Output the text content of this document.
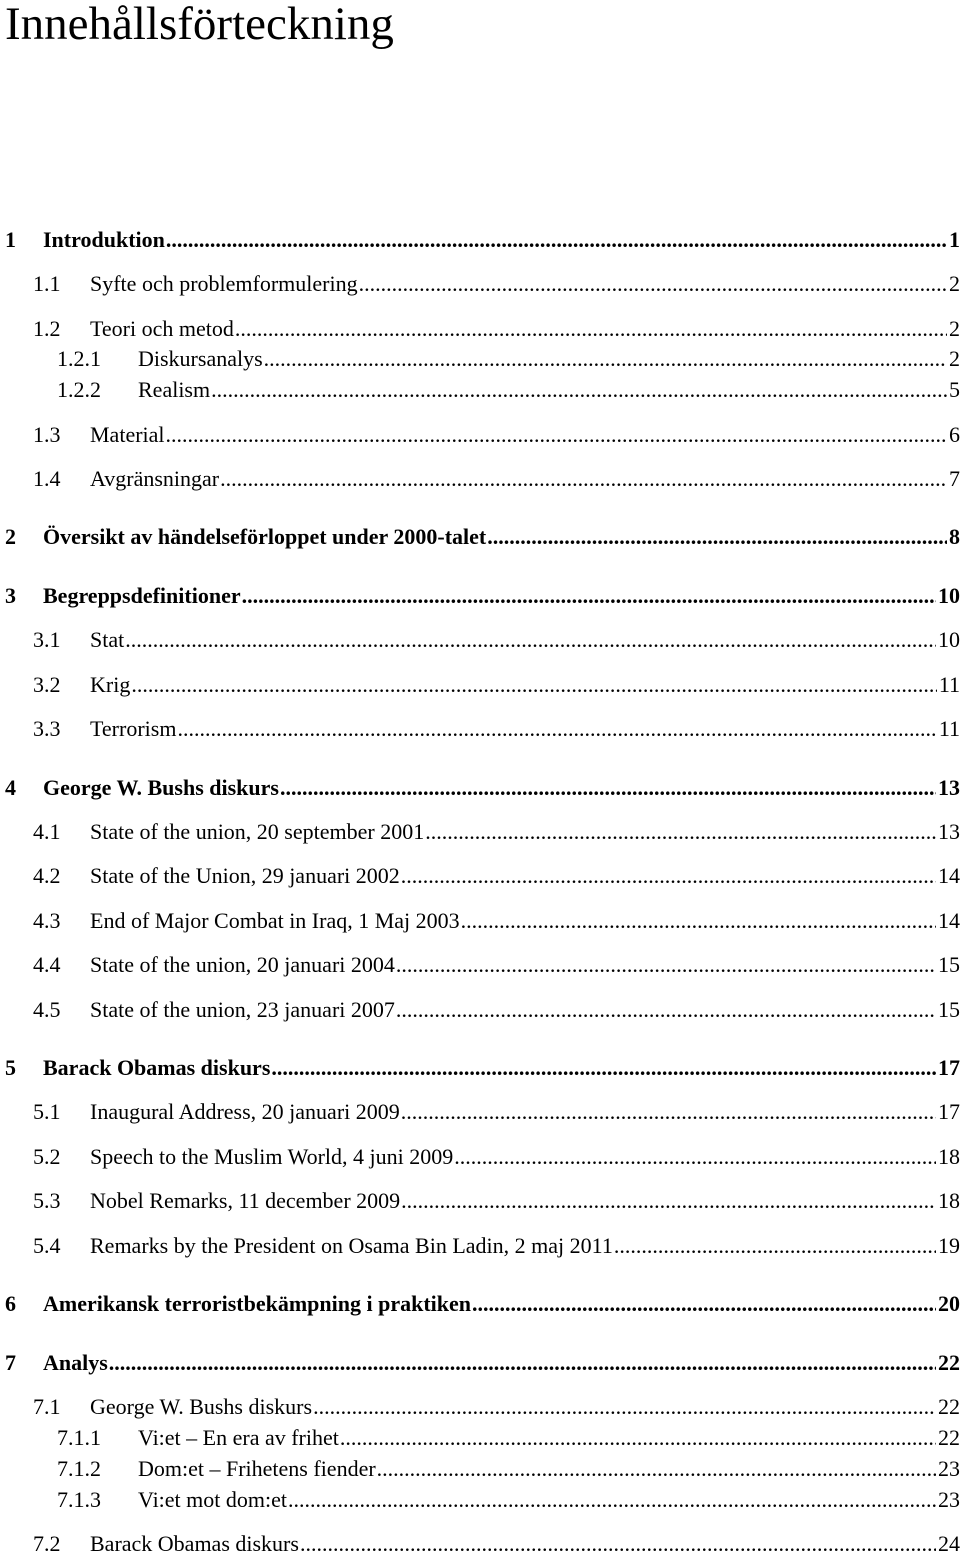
Innehållsförteckning
1	Introduktion .....	1
1.1	Syfte och problemformulering .....	2
1.2	Teori och metod .....	2
1.2.1	Diskursanalys .....	2
1.2.2	Realism .....	5
1.3	Material .....	6
1.4	Avgränsningar .....	7
2	Översikt av händelseförloppet under 2000-talet .....	8
3	Begreppsdefinitioner .....	10
3.1	Stat .....	10
3.2	Krig .....	11
3.3	Terrorism .....	11
4	George W. Bushs diskurs .....	13
4.1	State of the union, 20 september 2001 .....	13
4.2	State of the Union, 29 januari 2002 .....	14
4.3	End of Major Combat in Iraq, 1 Maj 2003 .....	14
4.4	State of the union, 20 januari 2004 .....	15
4.5	State of the union, 23 januari 2007 .....	15
5	Barack Obamas diskurs .....	17
5.1	Inaugural Address, 20 januari 2009 .....	17
5.2	Speech to the Muslim World, 4 juni 2009 .....	18
5.3	Nobel Remarks, 11 december 2009 .....	18
5.4	Remarks by the President on Osama Bin Ladin, 2 maj 2011 .....	19
6	Amerikansk terroristbekämpning i praktiken .....	20
7	Analys .....	22
7.1	George W. Bushs diskurs .....	22
7.1.1	Vi:et – En era av frihet .....	22
7.1.2	Dom:et – Frihetens fiender .....	23
7.1.3	Vi:et mot dom:et .....	23
7.2	Barack Obamas diskurs .....	24
